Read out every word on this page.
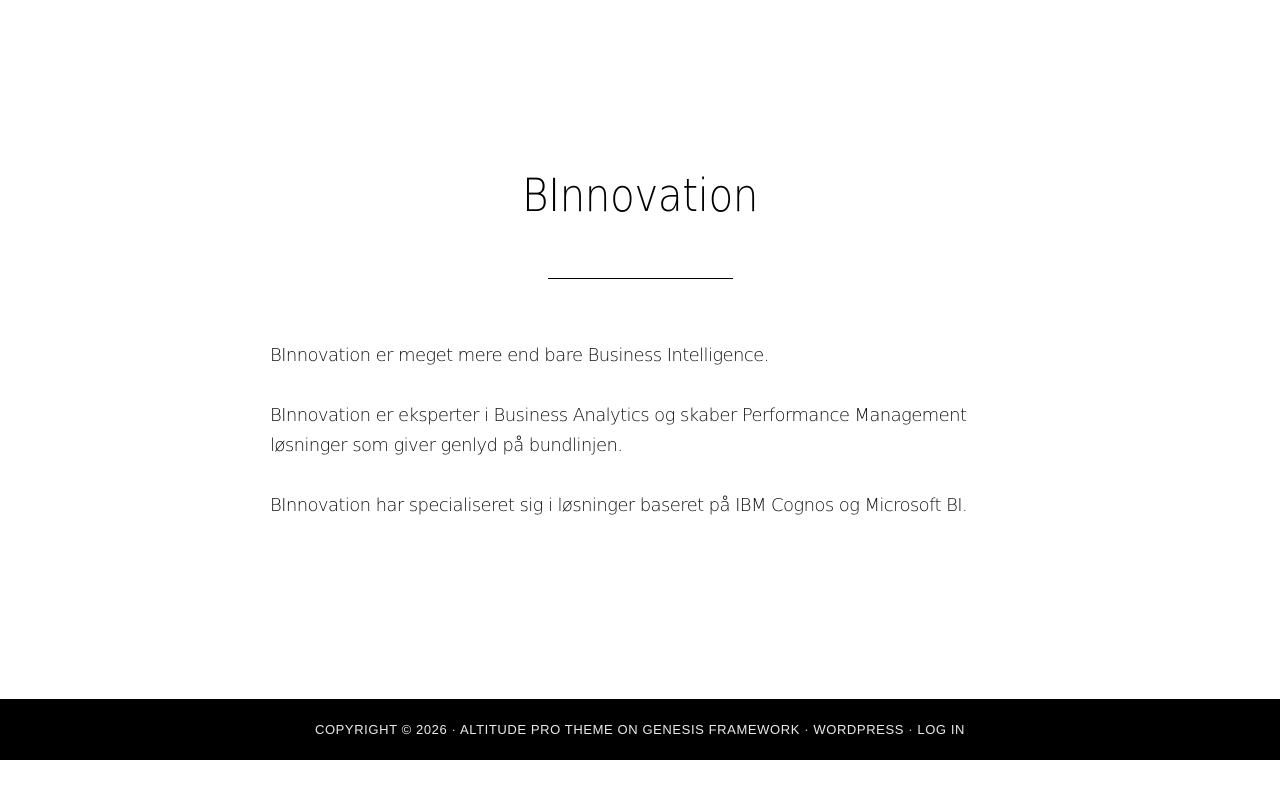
BInnovation

BInnovation er meget mere end bare Business Intelligence.

BInnovation er eksperter i Business Analytics og skaber Performance Management løsninger som giver genlyd på bundlinjen.

BInnovation har specialiseret sig i løsninger baseret på IBM Cognos og Microsoft BI.

COPYRIGHT © 2026 · ALTITUDE PRO THEME ON GENESIS FRAMEWORK · WORDPRESS · LOG IN
